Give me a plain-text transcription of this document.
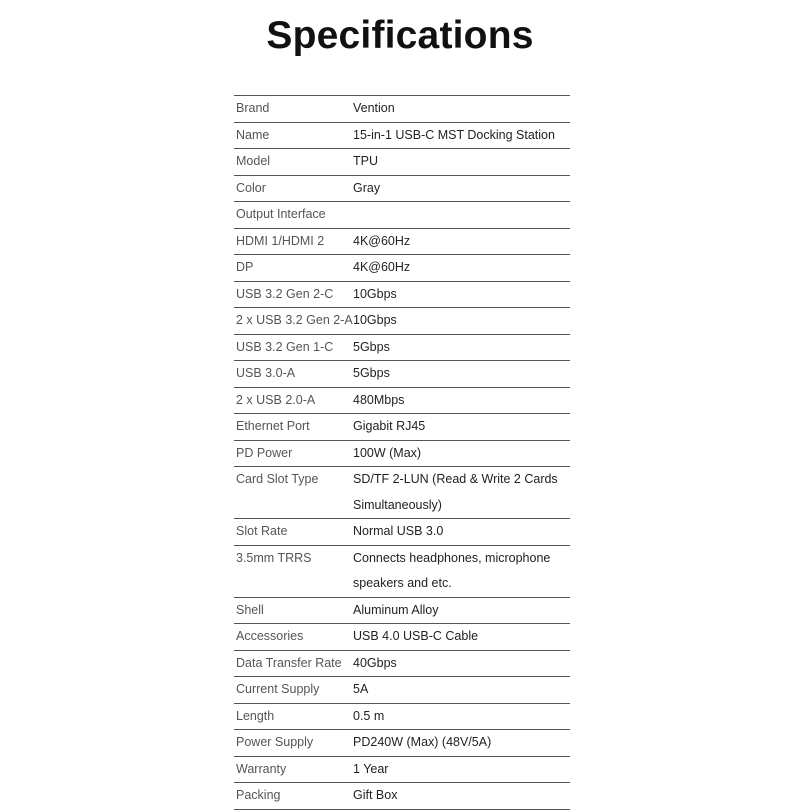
Specifications
Brand	Vention
Name	15-in-1 USB-C MST Docking Station
Model	TPU
Color	Gray
Output Interface
HDMI 1/HDMI 2	4K@60Hz
DP	4K@60Hz
USB 3.2 Gen 2-C	10Gbps
2 x USB 3.2 Gen 2-A 10Gbps
USB 3.2 Gen 1-C	5Gbps
USB 3.0-A	5Gbps
2 x USB 2.0-A	480Mbps
Ethernet Port	Gigabit RJ45
PD Power	100W (Max)
Card Slot Type	SD/TF 2-LUN (Read & Write 2 Cards
Simultaneously)
Slot Rate	Normal USB 3.0
3.5mm TRRS	Connects headphones, microphone
speakers and etc.
Shell	Aluminum Alloy
Accessories	USB 4.0 USB-C Cable
Data Transfer Rate 40Gbps
Current Supply	5A
Length	0.5 m
Power Supply	PD240W (Max) (48V/5A)
Warranty	1 Year
Packing	Gift Box
